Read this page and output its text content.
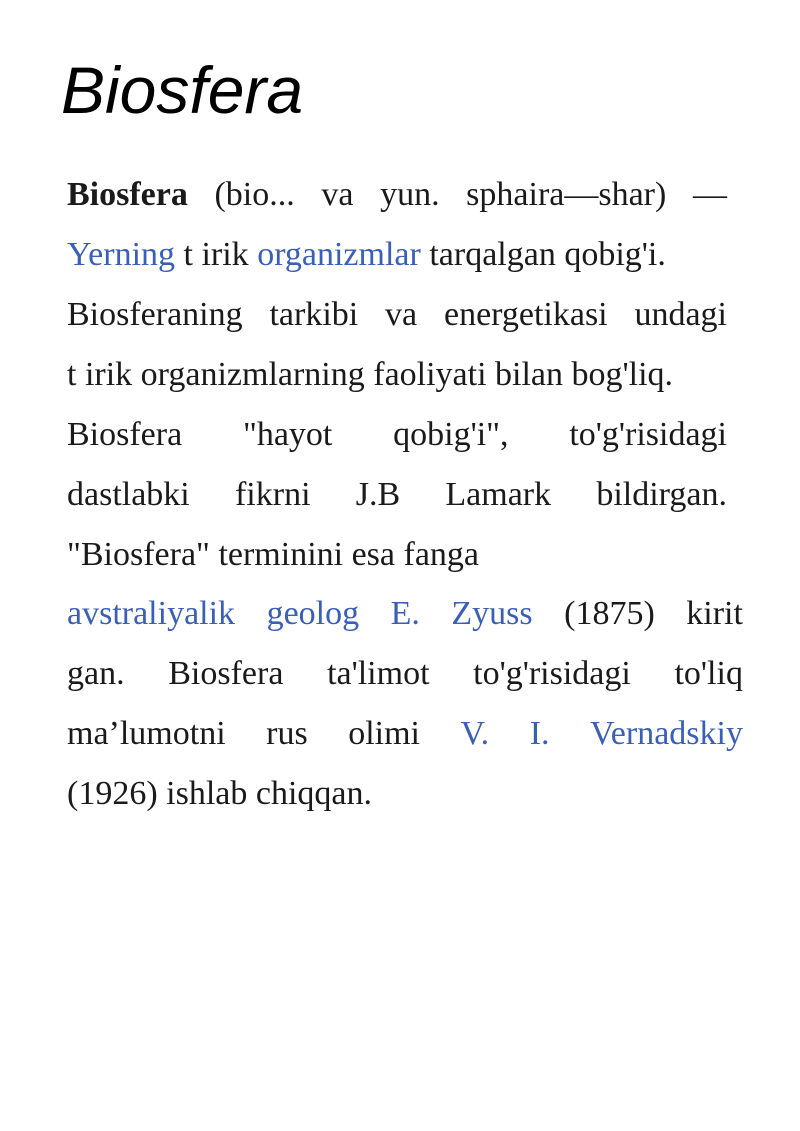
Biosfera
Biosfera (bio... va yun. sphaira—shar) —
Yerning t irik organizmlar tarqalgan qobig'i.
Biosferaning tarkibi va energetikasi undagi
t irik organizmlarning faoliyati bilan bog'liq.
Biosfera "hayot qobig'i", to'g'risidagi
dastlabki fikrni J.B Lamark bildirgan.
"Biosfera" terminini esa fanga
avstraliyalik geolog E. Zyuss (1875) kirit
gan. Biosfera ta'limot to'g'risidagi to'liq
ma’lumotni rus olimi V. I. Vernadskiy
(1926) ishlab chiqqan.
